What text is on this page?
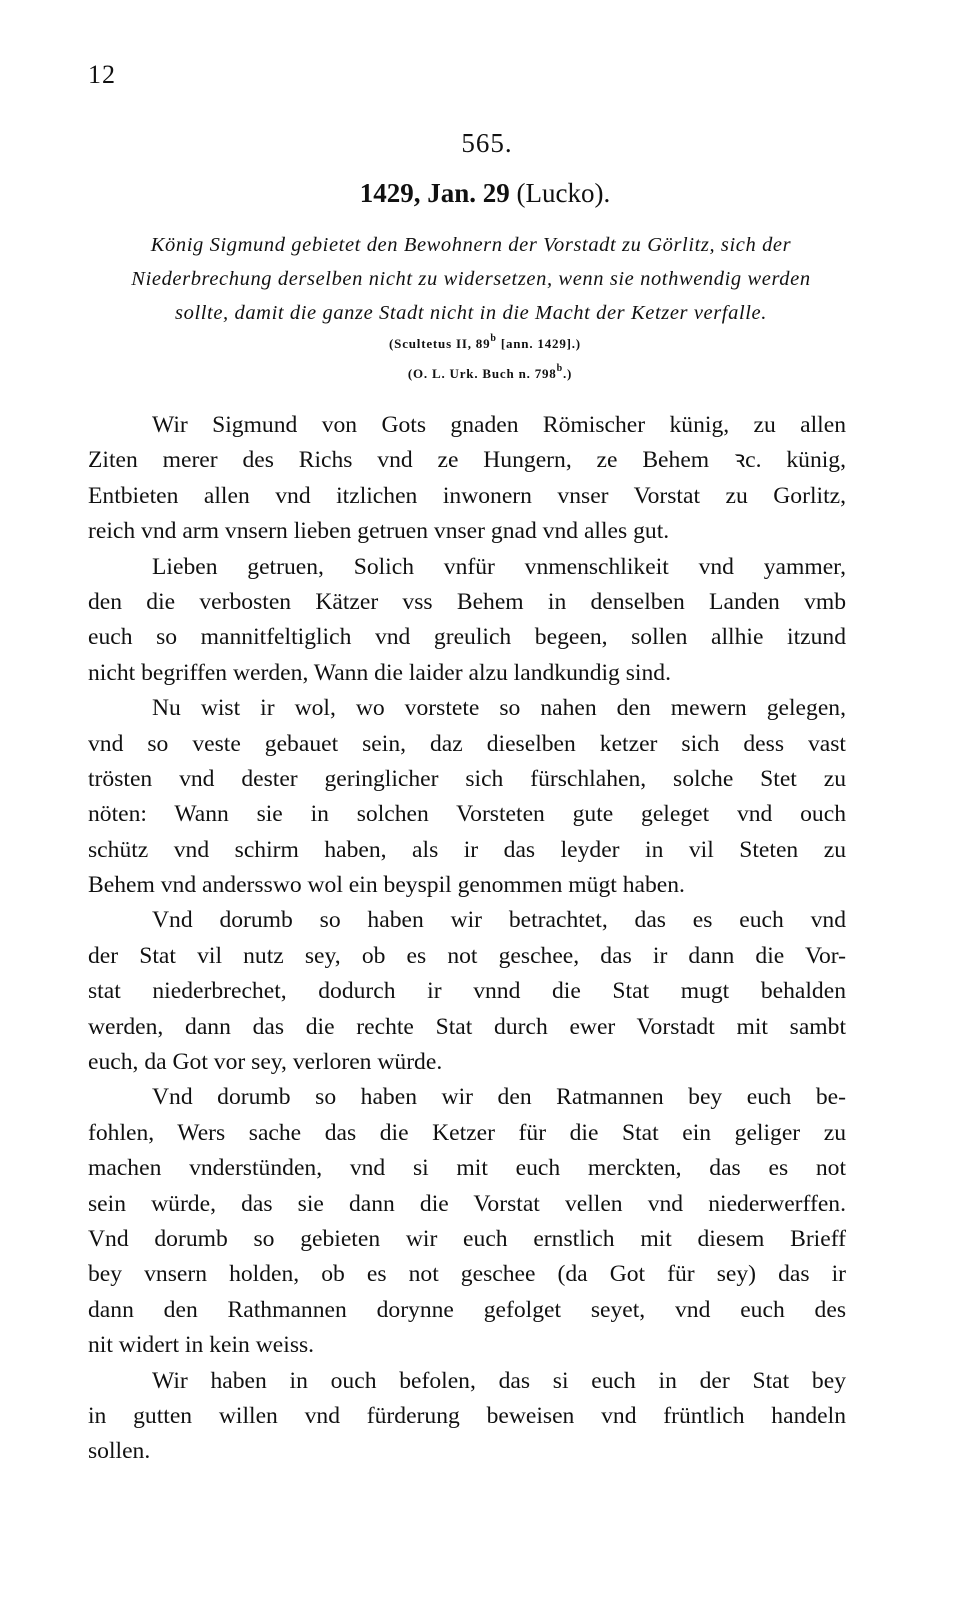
12
565.
1429, Jan. 29 (Lucko).
König Sigmund gebietet den Bewohnern der Vorstadt zu Görlitz, sich der
Niederbrechung derselben nicht zu widersetzen, wenn sie nothwendig werden
sollte, damit die ganze Stadt nicht in die Macht der Ketzer verfalle.
(Scultetus II, 89$^b$ [ann. 1429].)
(O. L. Urk. Buch n. 798$^b$.)
Wir Sigmund von Gots gnaden Römischer künig, zu allen
Ziten merer des Richs vnd ze Hungern, ze Behem ꝛc. künig,
Entbieten allen vnd itzlichen inwonern vnser Vorstat zu Gorlitz,
reich vnd arm vnsern lieben getruen vnser gnad vnd alles gut.
Lieben getruen, Solich vnfür vnmenschlikeit vnd yammer,
den die verbosten Kätzer vss Behem in denselben Landen vmb
euch so mannitfeltiglich vnd greulich begeen, sollen allhie itzund
nicht begriffen werden, Wann die laider alzu landkundig sind.
Nu wist ir wol, wo vorstete so nahen den mewern gelegen,
vnd so veste gebauet sein, daz dieselben ketzer sich dess vast
trösten vnd dester geringlicher sich fürschlahen, solche Stet zu
nöten: Wann sie in solchen Vorsteten gute geleget vnd ouch
schütz vnd schirm haben, als ir das leyder in vil Steten zu
Behem vnd andersswo wol ein beyspil genommen mügt haben.
Vnd dorumb so haben wir betrachtet, das es euch vnd
der Stat vil nutz sey, ob es not geschee, das ir dann die Vor-
stat niederbrechet, dodurch ir vnnd die Stat mugt behalden
werden, dann das die rechte Stat durch ewer Vorstadt mit sambt
euch, da Got vor sey, verloren würde.
Vnd dorumb so haben wir den Ratmannen bey euch be-
fohlen, Wers sache das die Ketzer für die Stat ein geliger zu
machen vnderstünden, vnd si mit euch merckten, das es not
sein würde, das sie dann die Vorstat vellen vnd niederwerffen.
Vnd dorumb so gebieten wir euch ernstlich mit diesem Brieff
bey vnsern holden, ob es not geschee (da Got für sey) das ir
dann den Rathmannen dorynne gefolget seyet, vnd euch des
nit widert in kein weiss.
Wir haben in ouch befolen, das si euch in der Stat bey
in gutten willen vnd fürderung beweisen vnd früntlich handeln
sollen.
